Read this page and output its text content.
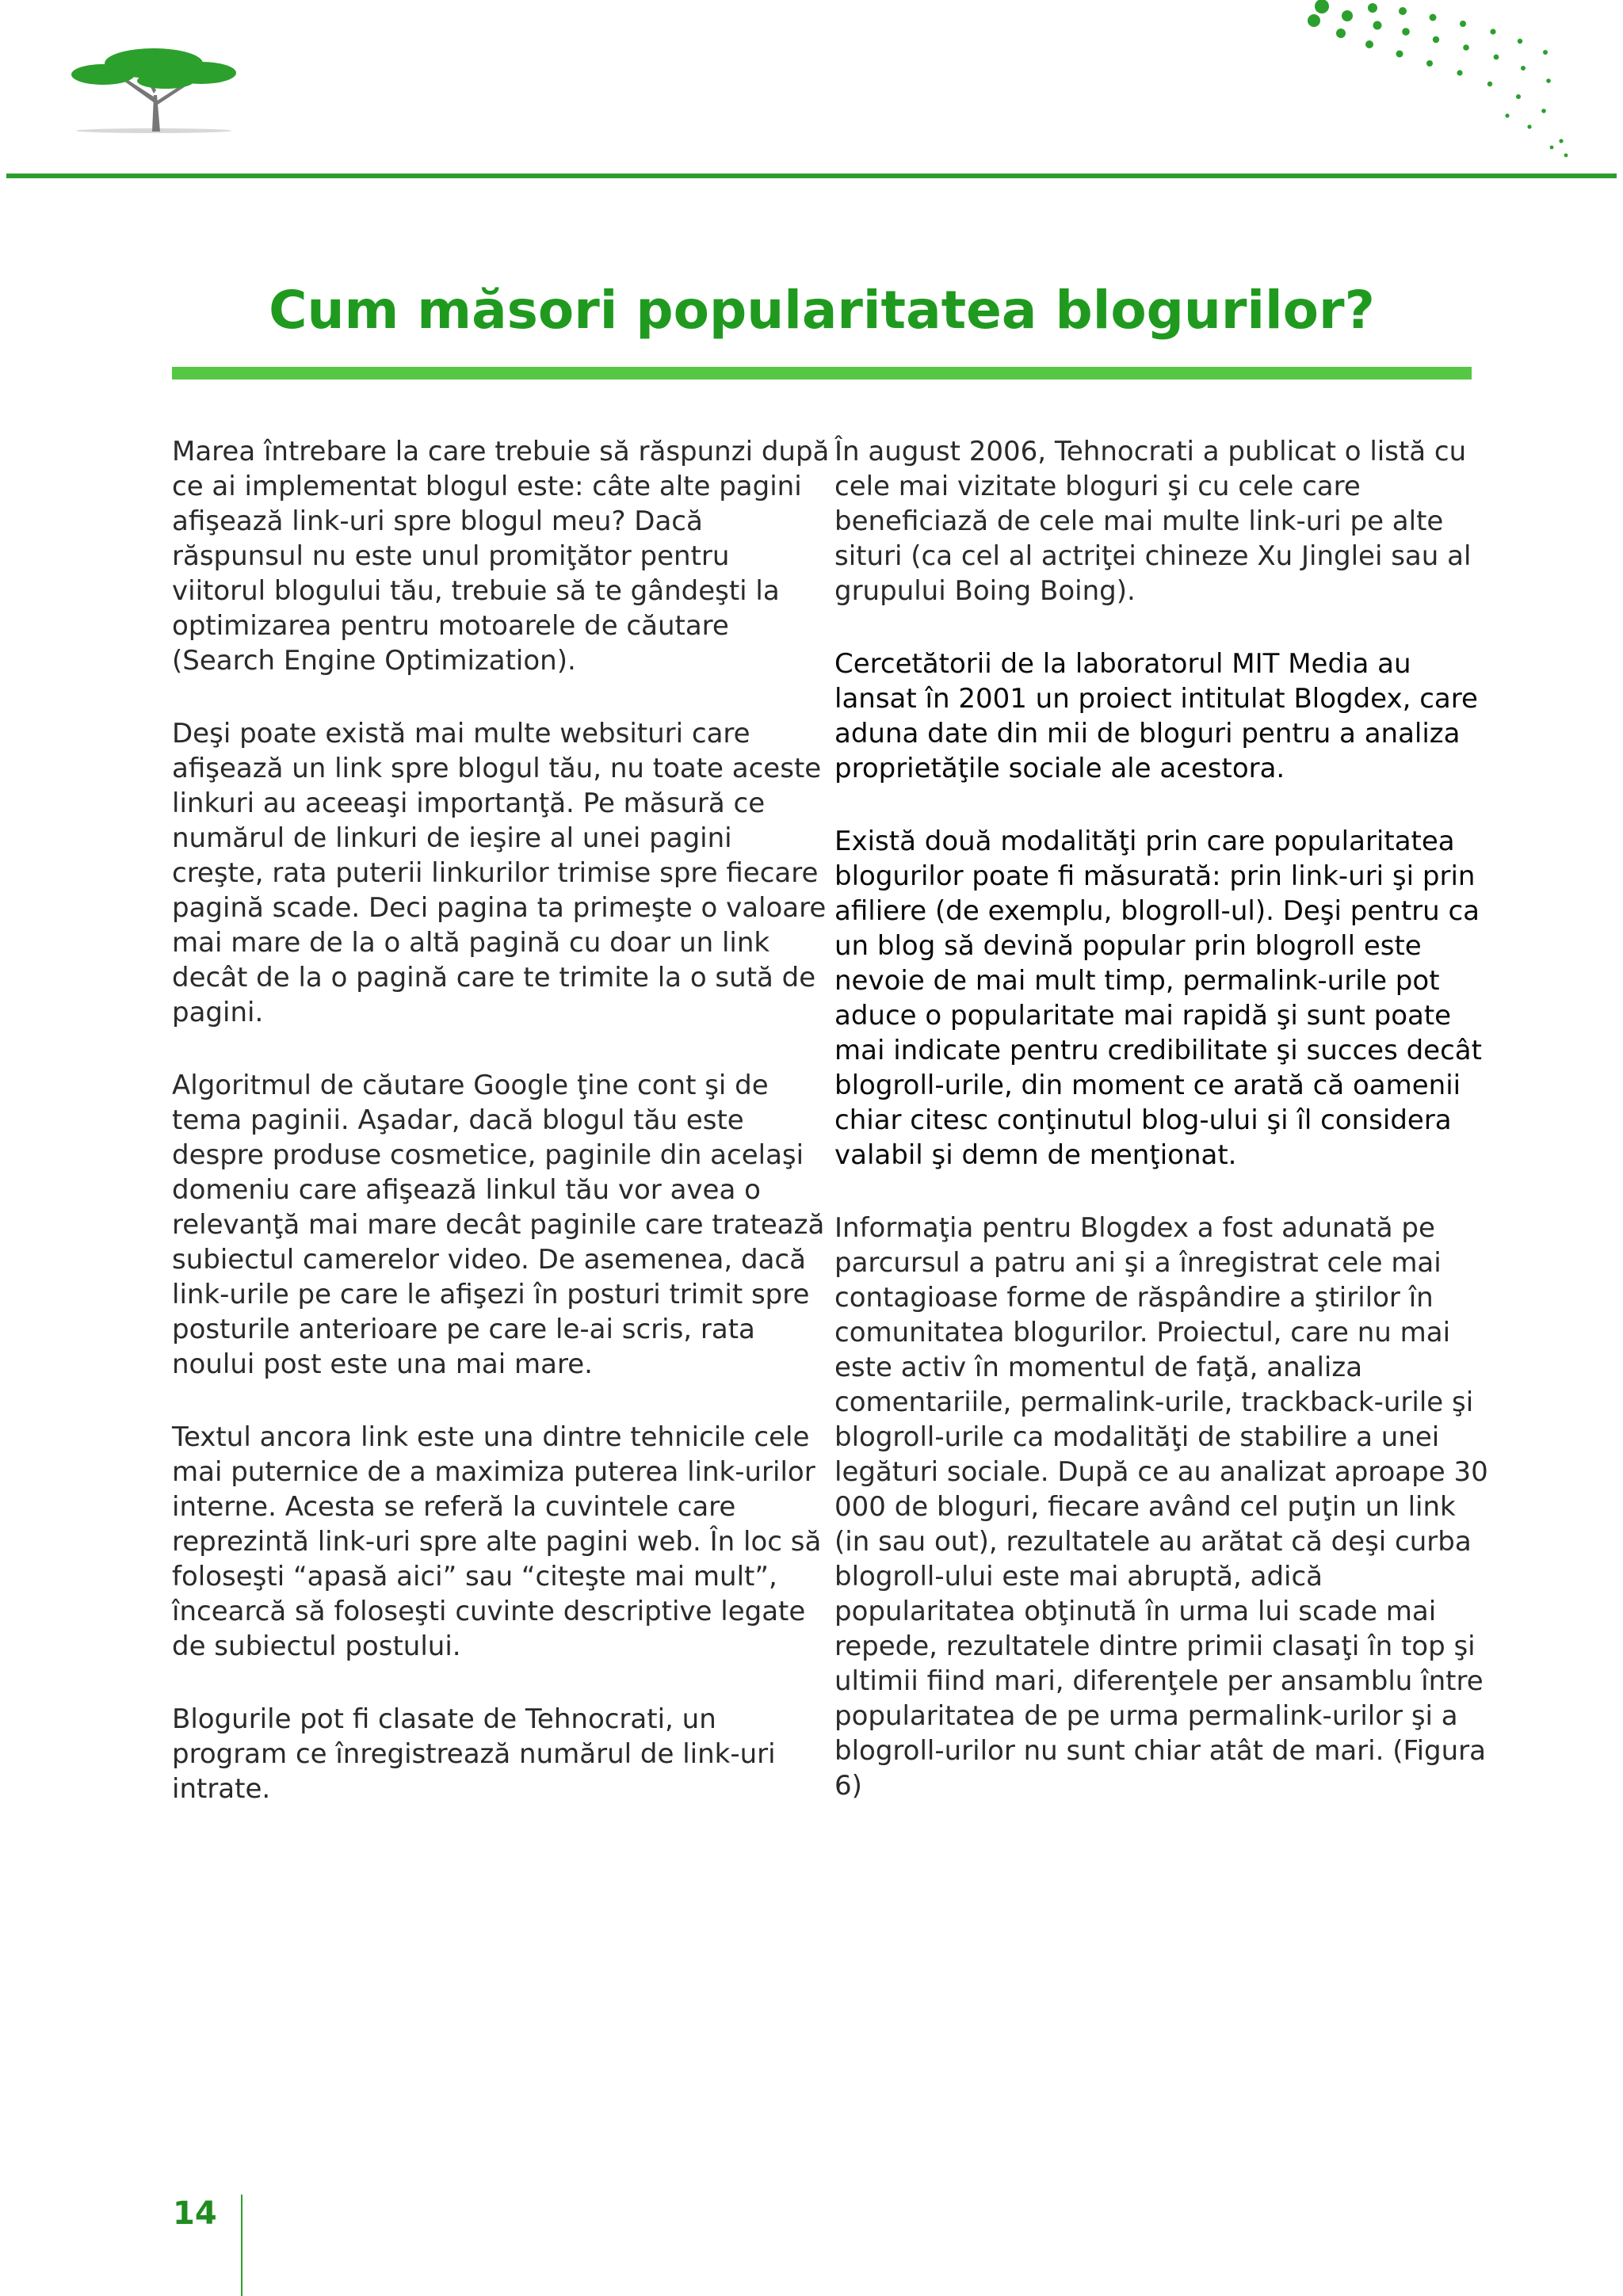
Cum măsori popularitatea blogurilor?

Marea întrebare la care trebuie să răspunzi după ce ai implementat blogul este: câte alte pagini afişează link-uri spre blogul meu? Dacă răspunsul nu este unul promiţător pentru viitorul blogului tău, trebuie să te gândeşti la optimizarea pentru motoarele de căutare (Search Engine Optimization).

Deşi poate există mai multe websituri care afişează un link spre blogul tău, nu toate aceste linkuri au aceeaşi importanţă. Pe măsură ce numărul de linkuri de ieşire al unei pagini creşte, rata puterii linkurilor trimise spre fiecare pagină scade. Deci pagina ta primeşte o valoare mai mare de la o altă pagină cu doar un link decât de la o pagină care te trimite la o sută de pagini.

Algoritmul de căutare Google ţine cont şi de tema paginii. Aşadar, dacă blogul tău este despre produse cosmetice, paginile din acelaşi domeniu care afişează linkul tău vor avea o relevanţă mai mare decât paginile care tratează subiectul camerelor video. De asemenea, dacă link-urile pe care le afişezi în posturi trimit spre posturile anterioare pe care le-ai scris, rata noului post este una mai mare.

Textul ancora link este una dintre tehnicile cele mai puternice de a maximiza puterea link-urilor interne. Acesta se referă la cuvintele care reprezintă link-uri spre alte pagini web. În loc să foloseşti “apasă aici” sau “citeşte mai mult”, încearcă să foloseşti cuvinte descriptive legate de subiectul postului.

Blogurile pot fi clasate de Tehnocrati, un program ce înregistrează numărul de link-uri intrate.

În august 2006, Tehnocrati a publicat o listă cu cele mai vizitate bloguri şi cu cele care beneficiază de cele mai multe link-uri pe alte situri (ca cel al actriţei chineze Xu Jinglei sau al grupului Boing Boing).

Cercetătorii de la laboratorul MIT Media au lansat în 2001 un proiect intitulat Blogdex, care aduna date din mii de bloguri pentru a analiza proprietăţile sociale ale acestora.

Există două modalităţi prin care popularitatea blogurilor poate fi măsurată: prin link-uri şi prin afiliere (de exemplu, blogroll-ul). Deşi pentru ca un blog să devină popular prin blogroll este nevoie de mai mult timp, permalink-urile pot aduce o popularitate mai rapidă şi sunt poate mai indicate pentru credibilitate şi succes decât blogroll-urile, din moment ce arată că oamenii chiar citesc conţinutul blog-ului şi îl considera valabil şi demn de menţionat.

Informaţia pentru Blogdex a fost adunată pe parcursul a patru ani şi a înregistrat cele mai contagioase forme de răspândire a ştirilor în comunitatea blogurilor. Proiectul, care nu mai este activ în momentul de faţă, analiza comentariile, permalink-urile, trackback-urile şi blogroll-urile ca modalităţi de stabilire a unei legături sociale. După ce au analizat aproape 30 000 de bloguri, fiecare având cel puţin un link (in sau out), rezultatele au arătat că deşi curba blogroll-ului este mai abruptă, adică popularitatea obţinută în urma lui scade mai repede, rezultatele dintre primii clasaţi în top şi ultimii fiind mari, diferenţele per ansamblu între popularitatea de pe urma permalink-urilor şi a blogroll-urilor nu sunt chiar atât de mari. (Figura 6)

14
